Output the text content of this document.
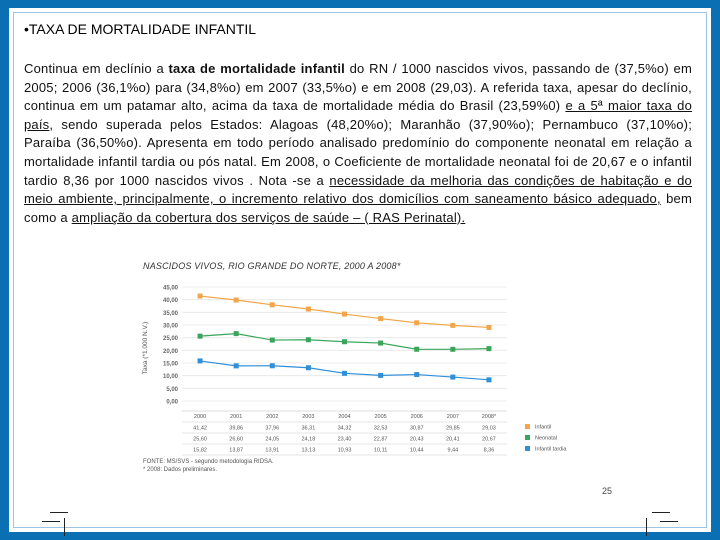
•TAXA DE MORTALIDADE INFANTIL
Continua em declínio a taxa de mortalidade infantil do RN / 1000 nascidos vivos, passando de (37,5%o) em 2005; 2006 (36,1%o) para (34,8%o) em 2007 (33,5%o) e em 2008 (29,03). A referida taxa, apesar do declínio, continua em um patamar alto, acima da taxa de mortalidade média do Brasil (23,59%0) e a 5ª maior taxa do país, sendo superada pelos Estados: Alagoas (48,20%o); Maranhão (37,90%o); Pernambuco (37,10%o); Paraíba (36,50%o). Apresenta em todo período analisado predomínio do componente neonatal em relação a mortalidade infantil tardia ou pós natal. Em 2008, o Coeficiente de mortalidade neonatal foi de 20,67 e o infantil tardio 8,36 por 1000 nascidos vivos . Nota -se a necessidade da melhoria das condições de habitação e do meio ambiente, principalmente, o incremento relativo dos domicílios com saneamento básico adequado, bem como a ampliação da cobertura dos serviços de saúde – ( RAS Perinatal).
NASCIDOS VIVOS, RIO GRANDE DO NORTE, 2000 A 2008*
Taxa (*1.000 N.V.)
45,00
40,00
35,00
30,00
25,00
20,00
15,00
10,00
5,00
0,00
2000	2001	2002	2003	2004	2005	2006	2007	2008*
41,42	39,86	37,96	36,31	34,32	32,53	30,87	29,85	29,03	Infantil
25,60	26,60	24,05	24,18	23,40	22,87	20,43	20,41	20,67	Neonatal
15,82	13,87	13,91	13,13	10,93	10,11	10,44	9,44	8,36	Infantil tardia
FONTE: MS/SVS - segundo metodologia RIDSA.
* 2008: Dados preliminares.
25
